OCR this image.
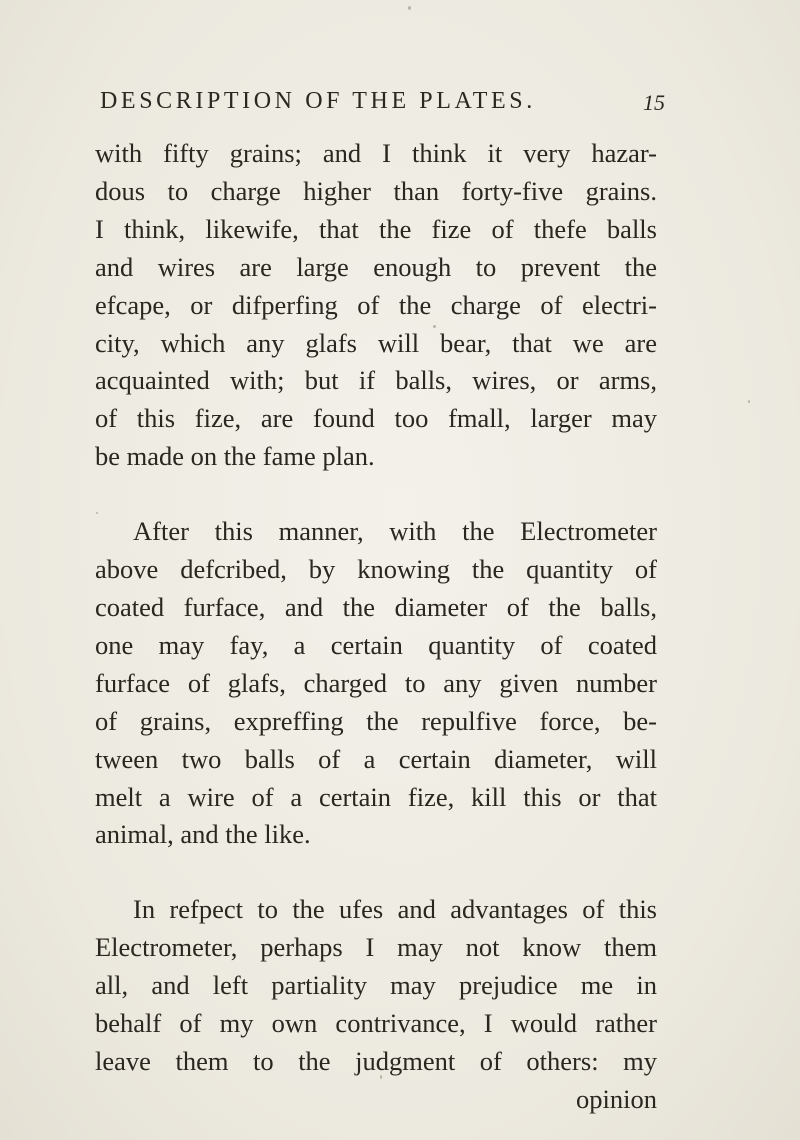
DESCRIPTION OF THE PLATES.	15

with fifty grains; and I think it very hazar-
dous to charge higher than forty-five grains.
I think, likewife, that the fize of thefe balls
and wires are large enough to prevent the
efcape, or difperfing of the charge of electri-
city, which any glafs will bear, that we are
acquainted with; but if balls, wires, or arms,
of this fize, are found too fmall, larger may
be made on the fame plan.

After this manner, with the Electrometer
above defcribed, by knowing the quantity of
coated furface, and the diameter of the balls,
one may fay, a certain quantity of coated
furface of glafs, charged to any given number
of grains, expreffing the repulfive force, be-
tween two balls of a certain diameter, will
melt a wire of a certain fize, kill this or that
animal, and the like.

In refpect to the ufes and advantages of this
Electrometer, perhaps I may not know them
all, and left partiality may prejudice me in
behalf of my own contrivance, I would rather
leave them to the judgment of others: my
opinion
